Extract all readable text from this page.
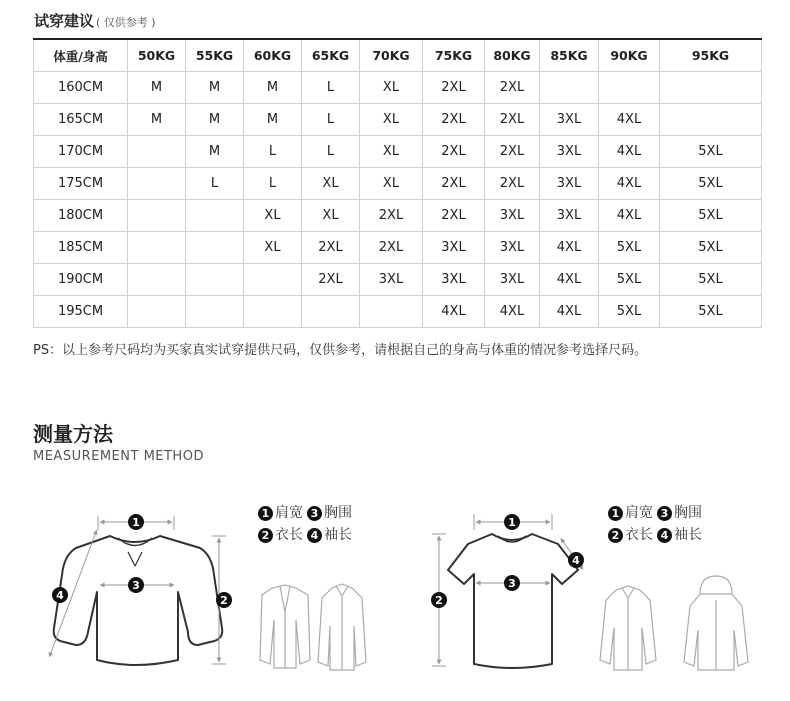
试穿建议 ( 仅供参考 )
体重/身高	50KG	55KG	60KG	65KG	70KG	75KG	80KG	85KG	90KG	95KG
160CM	M	M	M	L	XL	2XL	2XL			
165CM	M	M	M	L	XL	2XL	2XL	3XL	4XL	
170CM		M	L	L	XL	2XL	2XL	3XL	4XL	5XL
175CM		L	L	XL	XL	2XL	2XL	3XL	4XL	5XL
180CM			XL	XL	2XL	2XL	3XL	3XL	4XL	5XL
185CM			XL	2XL	2XL	3XL	3XL	4XL	5XL	5XL
190CM				2XL	3XL	3XL	3XL	4XL	5XL	5XL
195CM						4XL	4XL	4XL	5XL	5XL
PS：以上参考尺码均为买家真实试穿提供尺码，仅供参考，请根据自己的身高与体重的情况参考选择尺码。
测量方法
MEASUREMENT METHOD
1 肩宽 3 胸围
2 衣长 4 袖长
1 肩宽 3 胸围
2 衣长 4 袖长
1
3
2
4
1
3
2
4
